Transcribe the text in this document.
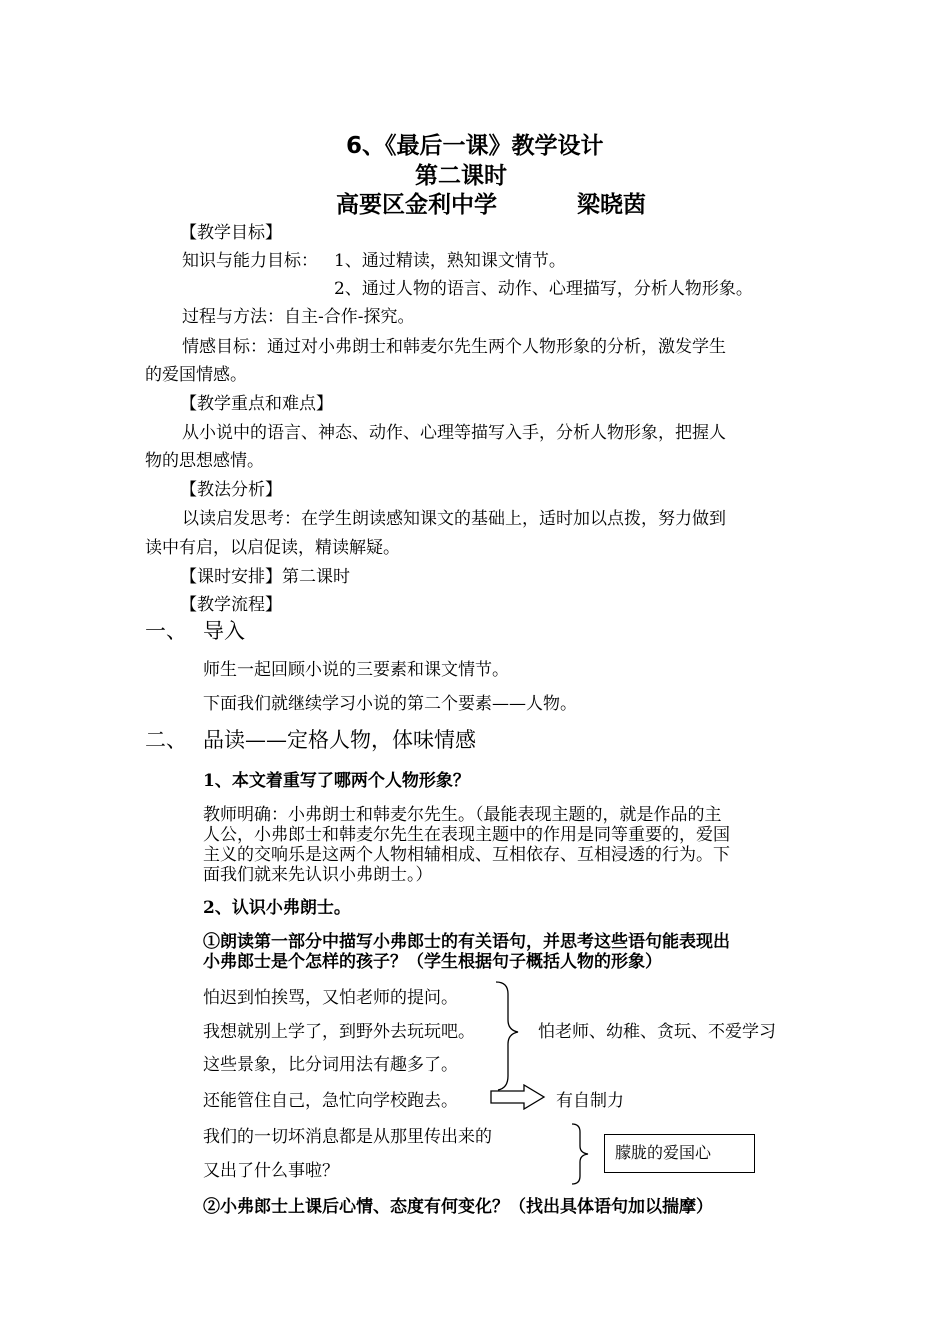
6、《最后一课》教学设计
第二课时
高要区金利中学	梁晓茵
【教学目标】
知识与能力目标： 1、通过精读，熟知课文情节。
2、通过人物的语言、动作、心理描写，分析人物形象。
过程与方法：自主-合作-探究。
情感目标：通过对小弗朗士和韩麦尔先生两个人物形象的分析，激发学生
的爱国情感。
【教学重点和难点】
从小说中的语言、神态、动作、心理等描写入手，分析人物形象，把握人
物的思想感情。
【教法分析】
以读启发思考：在学生朗读感知课文的基础上，适时加以点拨，努力做到
读中有启，以启促读，精读解疑。
【课时安排】 第二课时
【教学流程】
一、 导入
师生一起回顾小说的三要素和课文情节。
下面我们就继续学习小说的第二个要素——人物。
二、 品读——定格人物，体味情感
1、本文着重写了哪两个人物形象？
教师明确：小弗朗士和韩麦尔先生。（最能表现主题的，就是作品的主
人公，小弗郎士和韩麦尔先生在表现主题中的作用是同等重要的，爱国
主义的交响乐是这两个人物相辅相成、互相依存、互相浸透的行为。下
面我们就来先认识小弗朗士。）
2、认识小弗朗士。
①朗读第一部分中描写小弗郎士的有关语句，并思考这些语句能表现出
小弗郎士是个怎样的孩子？（学生根据句子概括人物的形象）
怕迟到怕挨骂，又怕老师的提问。
我想就别上学了，到野外去玩玩吧。
这些景象，比分词用法有趣多了。
还能管住自己，急忙向学校跑去。
怕老师、幼稚、贪玩、不爱学习
有自制力
我们的一切坏消息都是从那里传出来的
又出了什么事啦？
朦胧的爱国心
②小弗郎士上课后心情、态度有何变化？（找出具体语句加以揣摩）
